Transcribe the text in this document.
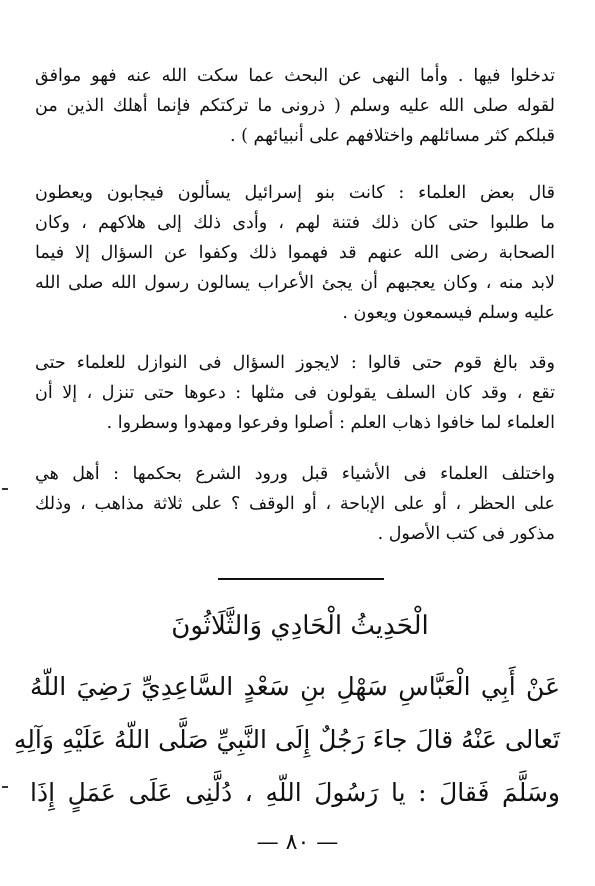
تدخلوا فيها . وأما النهى عن البحث عما سكت الله عنه فهو موافق
لقوله صلى الله عليه وسلم ( ذرونى ما تركتكم فإنما أهلك الذين من
قبلكم كثر مسائلهم واختلافهم على أنبيائهم ) .
قال بعض العلماء : كانت بنو إسرائيل يسألون فيجابون ويعطون
ما طلبوا حتى كان ذلك فتنة لهم ، وأدى ذلك إلى هلاكهم ، وكان
الصحابة رضى الله عنهم قد فهموا ذلك وكفوا عن السؤال إلا فيما
لابد منه ، وكان يعجبهم أن يجئ الأعراب يسالون رسول الله صلى الله
عليه وسلم فيسمعون ويعون .
وقد بالغ قوم حتى قالوا : لايجوز السؤال فى النوازل للعلماء حتى
تقع ، وقد كان السلف يقولون فى مثلها : دعوها حتى تنزل ، إلا أن
العلماء لما خافوا ذهاب العلم : أصلوا وفرعوا ومهدوا وسطروا .
واختلف العلماء فى الأشياء قبل ورود الشرع بحكمها : أهل هي
على الحظر ، أو على الإباحة ، أو الوقف ؟ على ثلاثة مذاهب ، وذلك
مذكور فى كتب الأصول .
الْحَدِيثُ الْحَادِي وَالثَّلَاثُونَ
عَنْ أَبِي الْعَبَّاسِ سَهْلِ بنِ سَعْدٍ السَّاعِدِيِّ رَضِيَ اللّهُ
تَعالى عَنْهُ قالَ جاءَ رَجُلٌ إِلَى النَّبِيِّ صَلَّى اللّهُ عَلَيْهِ وَآلِهِ
وسَلَّمَ فَقالَ : يا رَسُولَ اللّهِ ، دُلَّنِى عَلَى عَمَلٍ إِذَا
— ٨٠ —
